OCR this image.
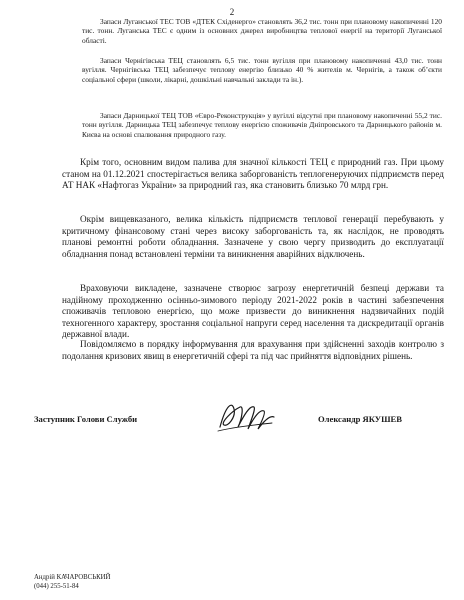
2

Запаси Луганської ТЕС ТОВ «ДТЕК Східенерго» становлять 36,2 тис. тонн при плановому накопиченні 120 тис. тонн. Луганська ТЕС є одним із основних джерел виробництва теплової енергії на території Луганської області.

Запаси Чернігівська ТЕЦ становлять 6,5 тис. тонн вугілля при плановому накопиченні 43,0 тис. тонн вугілля. Чернігівська ТЕЦ забезпечує теплову енергію близько 40 % жителів м. Чернігів, а також об’єкти соціальної сфери (школи, лікарні, дошкільні навчальні заклади та ін.).

Запаси Дарницької ТЕЦ ТОВ «Євро-Реконструкція» у вугіллі відсутні при плановому накопиченні 55,2 тис. тонн вугілля. Дарницька ТЕЦ забезпечує теплову енергією споживачів Дніпровського та Дарницького районів м. Києва на основі спалювання природного газу.

Крім того, основним видом палива для значної кількості ТЕЦ є природний газ. При цьому станом на 01.12.2021 спостерігається велика заборгованість теплогенеруючих підприємств перед АТ НАК «Нафтогаз України» за природний газ, яка становить близько 70 млрд грн.

Окрім вищевказаного, велика кількість підприємств теплової генерації перебувають у критичному фінансовому стані через високу заборгованість та, як наслідок, не проводять планові ремонтні роботи обладнання. Зазначене у свою чергу призводить до експлуатації обладнання понад встановлені терміни та виникнення аварійних відключень.

Враховуючи викладене, зазначене створює загрозу енергетичній безпеці держави та надійному проходженню осінньо-зимового періоду 2021-2022 років в частині забезпечення споживачів тепловою енергією, що може призвести до виникнення надзвичайних подій техногенного характеру, зростання соціальної напруги серед населення та дискредитації органів державної влади.

Повідомляємо в порядку інформування для врахування при здійсненні заходів контролю з подолання кризових явищ в енергетичній сфері та під час прийняття відповідних рішень.

Заступник Голови Служби	Олександр ЯКУШЕВ
Андрій КАЧАРОВСЬКИЙ
(044) 255-51-84
